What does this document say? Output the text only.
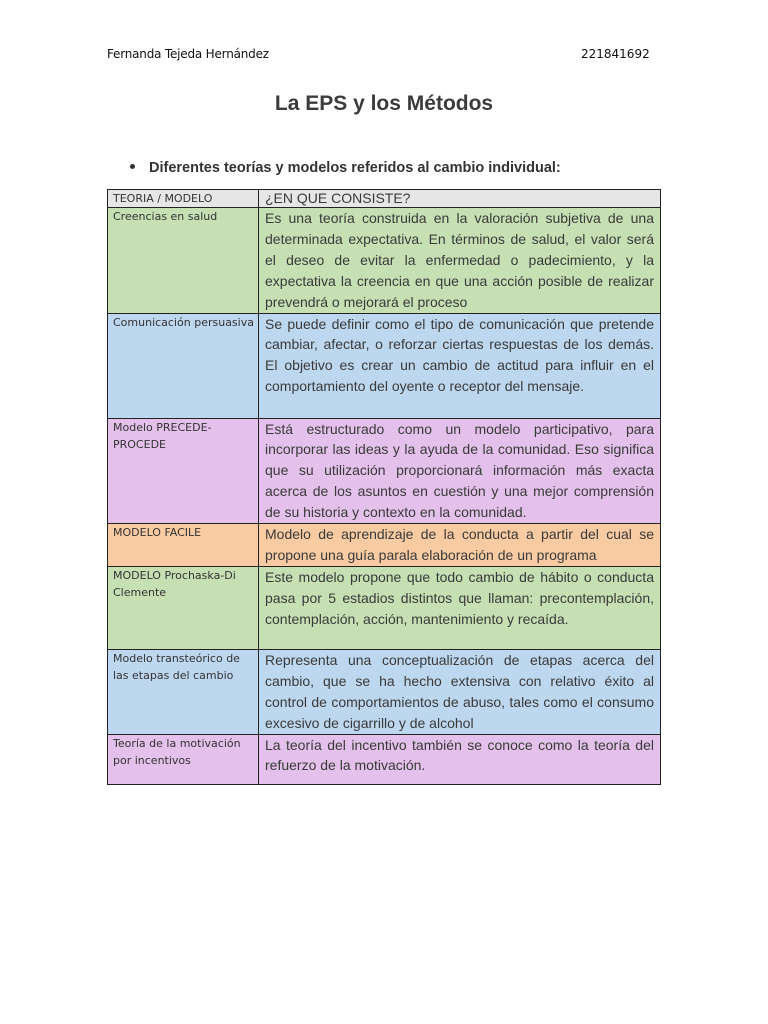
Fernanda Tejeda Hernández	221841692
La EPS y los Métodos
Diferentes teorías y modelos referidos al cambio individual:
TEORIA / MODELO	¿EN QUE CONSISTE?
Creencias en salud	Es una teoría construida en la valoración subjetiva de una determinada expectativa. En términos de salud, el valor será el deseo de evitar la enfermedad o padecimiento, y la expectativa la creencia en que una acción posible de realizar prevendrá o mejorará el proceso
Comunicación persuasiva	Se puede definir como el tipo de comunicación que pretende cambiar, afectar, o reforzar ciertas respuestas de los demás. El objetivo es crear un cambio de actitud para influir en el comportamiento del oyente o receptor del mensaje.
Modelo PRECEDE-PROCEDE	Está estructurado como un modelo participativo, para incorporar las ideas y la ayuda de la comunidad. Eso significa que su utilización proporcionará información más exacta acerca de los asuntos en cuestión y una mejor comprensión de su historia y contexto en la comunidad.
MODELO FACILE	Modelo de aprendizaje de la conducta a partir del cual se propone una guía parala elaboración de un programa
MODELO Prochaska-Di Clemente	Este modelo propone que todo cambio de hábito o conducta pasa por 5 estadios distintos que llaman: precontemplación, contemplación, acción, mantenimiento y recaída.
Modelo transteórico de las etapas del cambio	Representa una conceptualización de etapas acerca del cambio, que se ha hecho extensiva con relativo éxito al control de comportamientos de abuso, tales como el consumo excesivo de cigarrillo y de alcohol
Teoría de la motivación por incentivos	La teoría del incentivo también se conoce como la teoría del refuerzo de la motivación.
